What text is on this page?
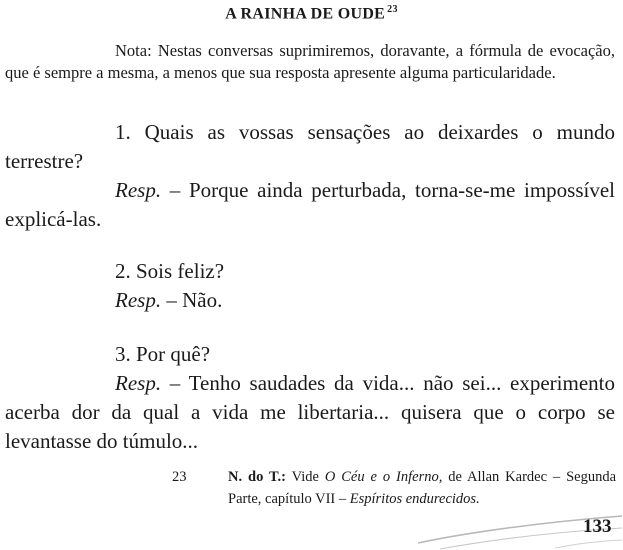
A RAINHA DE OUDE $^{23}$

Nota: Nestas conversas suprimiremos, doravante, a fórmula de evocação, que é sempre a mesma, a menos que sua resposta apresente alguma particularidade.

1. Quais as vossas sensações ao deixardes o mundo terrestre?

Resp. – Porque ainda perturbada, torna-se-me impossível explicá-las.

2. Sois feliz?

Resp. – Não.

3. Por quê?

Resp. – Tenho saudades da vida... não sei... experimento acerba dor da qual a vida me libertaria... quisera que o corpo se levantasse do túmulo...

23	N. do T.: Vide O Céu e o Inferno, de Allan Kardec – Segunda Parte, capítulo VII – Espíritos endurecidos.

133
